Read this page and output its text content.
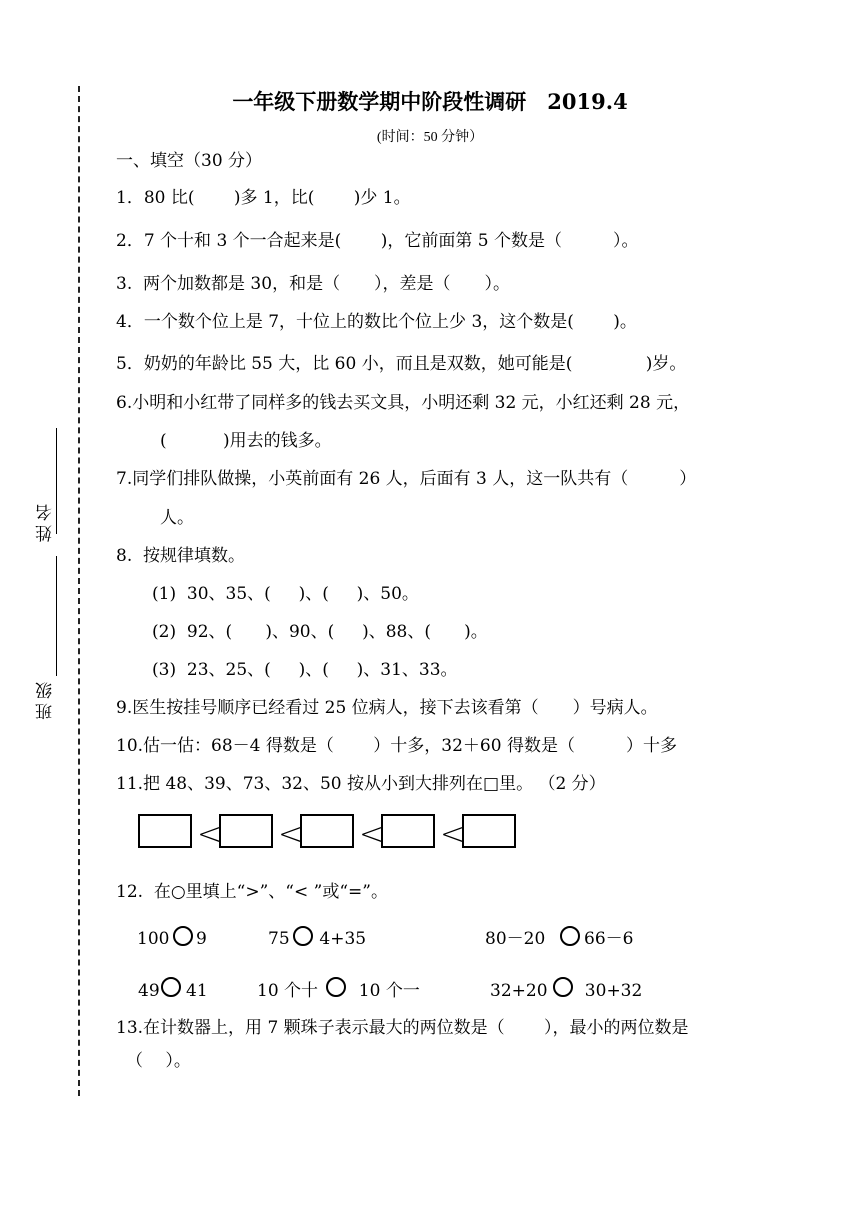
姓名
班级
一年级下册数学期中阶段性调研　2019.4
(时间：50 分钟）
一、填空（30 分）
1．80 比(　　 )多 1，比(　　 )少 1。
2．7 个十和 3 个一合起来是(　　 )，它前面第 5 个数是（　　　）。
3.  两个加数都是 30，和是（　　），差是（　　）。
4．一个数个位上是 7，十位上的数比个位上少 3，这个数是(　　 )。
5．奶奶的年龄比 55 大，比 60 小，而且是双数，她可能是(　　　　 )岁。
6.小明和小红带了同样多的钱去买文具，小明还剩 32 元，小红还剩 28 元，
(　　　 )用去的钱多。
7.同学们排队做操，小英前面有 26 人，后面有 3 人，这一队共有（　　　）
人。
8.  按规律填数。
(1)  30、35、(　  )、(　  )、50。
(2)  92、(　   )、90、(　  )、88、(　   )。
(3)  23、25、(　  )、(　  )、31、33。
9.医生按挂号顺序已经看过 25 位病人，接下去该看第（　　）号病人。
10.估一估：68－4 得数是（　　 ）十多，32＋60 得数是（　　　）十多
11.把 48、39、73、32、50 按从小到大排列在□里。 （2 分）
< < < <
12.  在○里填上“>”、“< ”或“=”。
100 9	75 4+35	80－20 66－6
49 41	10 个十 10 个一	32+20 30+32
13.在计数器上，用 7 颗珠子表示最大的两位数是（　　 ），最小的两位数是
（　 ）。
